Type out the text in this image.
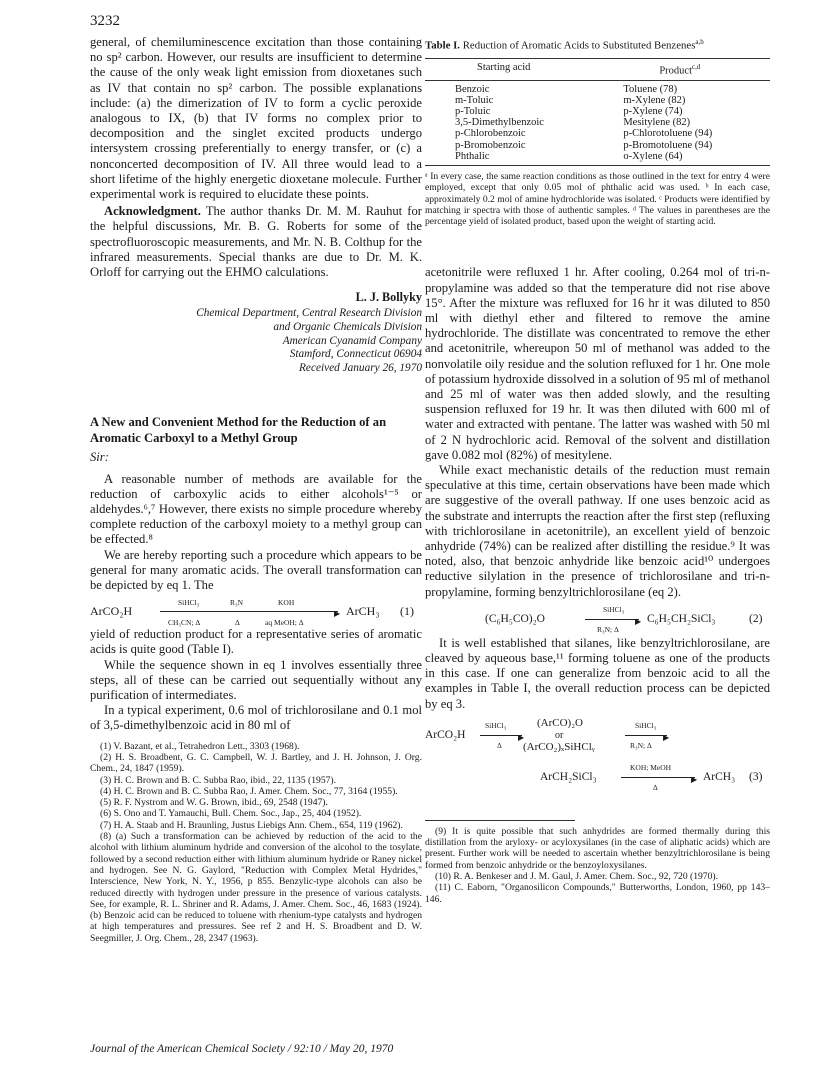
3232

general, of chemiluminescence excitation than those containing no sp² carbon. However, our results are insufficient to determine the cause of the only weak light emission from dioxetanes such as IV that contain no sp² carbon. The possible explanations include: (a) the dimerization of IV to form a cyclic peroxide analogous to IX, (b) that IV forms no complex prior to decomposition and the singlet excited products undergo intersystem crossing preferentially to energy transfer, or (c) a nonconcerted decomposition of IV. All three would lead to a short lifetime of the highly energetic dioxetane molecule. Further experimental work is required to elucidate these points.

Acknowledgment. The author thanks Dr. M. M. Rauhut for the helpful discussions, Mr. B. G. Roberts for some of the spectrofluoroscopic measurements, and Mr. N. B. Colthup for the infrared measurements. Special thanks are due to Dr. M. K. Orloff for carrying out the EHMO calculations.

L. J. Bollyky
Chemical Department, Central Research Division
and Organic Chemicals Division
American Cyanamid Company
Stamford, Connecticut 06904
Received January 26, 1970
A New and Convenient Method for the Reduction of an Aromatic Carboxyl to a Methyl Group
Sir:

A reasonable number of methods are available for the reduction of carboxylic acids to either alcohols¹⁻⁵ or aldehydes.⁶,⁷ However, there exists no simple procedure whereby complete reduction of the carboxyl moiety to a methyl group can be effected.⁸

We are hereby reporting such a procedure which appears to be general for many aromatic acids. The overall transformation can be depicted by eq 1. The

ArCO₂H
SiHCl₃
CH₃CN; Δ
R₃N
Δ
KOH
aq MeOH; Δ
▶ ArCH₃ (1)

yield of reduction product for a representative series of aromatic acids is quite good (Table I).

While the sequence shown in eq 1 involves essentially three steps, all of these can be carried out sequentially without any purification of intermediates.

In a typical experiment, 0.6 mol of trichlorosilane and 0.1 mol of 3,5-dimethylbenzoic acid in 80 ml of

(1) V. Bazant, et al., Tetrahedron Lett., 3303 (1968).

(2) H. S. Broadbent, G. C. Campbell, W. J. Bartley, and J. H. Johnson, J. Org. Chem., 24, 1847 (1959).

(3) H. C. Brown and B. C. Subba Rao, ibid., 22, 1135 (1957).

(4) H. C. Brown and B. C. Subba Rao, J. Amer. Chem. Soc., 77, 3164 (1955).

(5) R. F. Nystrom and W. G. Brown, ibid., 69, 2548 (1947).

(6) S. Ono and T. Yamauchi, Bull. Chem. Soc., Jap., 25, 404 (1952).

(7) H. A. Staab and H. Braunling, Justus Liebigs Ann. Chem., 654, 119 (1962).

(8) (a) Such a transformation can be achieved by reduction of the acid to the alcohol with lithium aluminum hydride and conversion of the alcohol to the tosylate, followed by a second reduction either with lithium aluminum hydride or Raney nickel and hydrogen. See N. G. Gaylord, "Reduction with Complex Metal Hydrides," Interscience, New York, N. Y., 1956, p 855. Benzylic-type alcohols can also be reduced directly with hydrogen under pressure in the presence of various catalysts. See, for example, R. L. Shriner and R. Adams, J. Amer. Chem. Soc., 46, 1683 (1924). (b) Benzoic acid can be reduced to toluene with rhenium-type catalysts and hydrogen at high temperatures and pressures. See ref 2 and H. S. Broadbent and D. W. Seegmiller, J. Org. Chem., 28, 2347 (1963).

Table I. Reduction of Aromatic Acids to Substituted Benzenes$^{a,b}$
Starting acid	Product$^{c,d}$
Benzoic	Toluene (78)
m-Toluic	m-Xylene (82)
p-Toluic	p-Xylene (74)
3,5-Dimethylbenzoic	Mesitylene (82)
p-Chlorobenzoic	p-Chlorotoluene (94)
p-Bromobenzoic	p-Bromotoluene (94)
Phthalic	o-Xylene (64)
ᵃ In every case, the same reaction conditions as those outlined in the text for entry 4 were employed, except that only 0.05 mol of phthalic acid was used. ᵇ In each case, approximately 0.2 mol of amine hydrochloride was isolated. ᶜ Products were identified by matching ir spectra with those of authentic samples. ᵈ The values in parentheses are the percentage yield of isolated product, based upon the weight of starting acid.

acetonitrile were refluxed 1 hr. After cooling, 0.264 mol of tri-n-propylamine was added so that the temperature did not rise above 15°. After the mixture was refluxed for 16 hr it was diluted to 850 ml with diethyl ether and filtered to remove the amine hydrochloride. The distillate was concentrated to remove the ether and acetonitrile, whereupon 50 ml of methanol was added to the nonvolatile oily residue and the solution refluxed for 1 hr. One mole of potassium hydroxide dissolved in a solution of 95 ml of methanol and 25 ml of water was then added slowly, and the resulting suspension refluxed for 19 hr. It was then diluted with 600 ml of water and extracted with pentane. The latter was washed with 50 ml of 2 N hydrochloric acid. Removal of the solvent and distillation gave 0.082 mol (82%) of mesitylene.

While exact mechanistic details of the reduction must remain speculative at this time, certain observations have been made which are suggestive of the overall pathway. If one uses benzoic acid as the substrate and interrupts the reaction after the first step (refluxing with trichlorosilane in acetonitrile), an excellent yield of benzoic anhydride (74%) can be realized after distilling the residue.⁹ It was noted, also, that benzoic anhydride like benzoic acid¹⁰ undergoes reductive silylation in the presence of trichlorosilane and tri-n-propylamine, forming benzyltrichlorosilane (eq 2).

(C₆H₅CO)₂O
SiHCl₃
R₃N; Δ
▶ C₆H₅CH₂SiCl₃	(2)

It is well established that silanes, like benzyltrichlorosilane, are cleaved by aqueous base,¹¹ forming toluene as one of the products in this case. If one can generalize from benzoic acid to all the examples in Table I, the overall reduction process can be depicted by eq 3.

ArCO₂H
SiHCl₃
Δ
▶
(ArCO)₂O
or
(ArCO₂)ₓSiHClᵧ
SiHCl₃
R₃N; Δ
▶
ArCH₂SiCl₃
KOH; MeOH
Δ
▶ ArCH₃ (3)

(9) It is quite possible that such anhydrides are formed thermally during this distillation from the aryloxy- or acyloxysilanes (in the case of aliphatic acids) which are present. Further work will be needed to ascertain whether benzyltrichlorosilane is being formed from benzoic anhydride or the benzoyloxysilanes.

(10) R. A. Benkeser and J. M. Gaul, J. Amer. Chem. Soc., 92, 720 (1970).

(11) C. Eaborn, "Organosilicon Compounds," Butterworths, London, 1960, pp 143–146.

Journal of the American Chemical Society / 92:10 / May 20, 1970
